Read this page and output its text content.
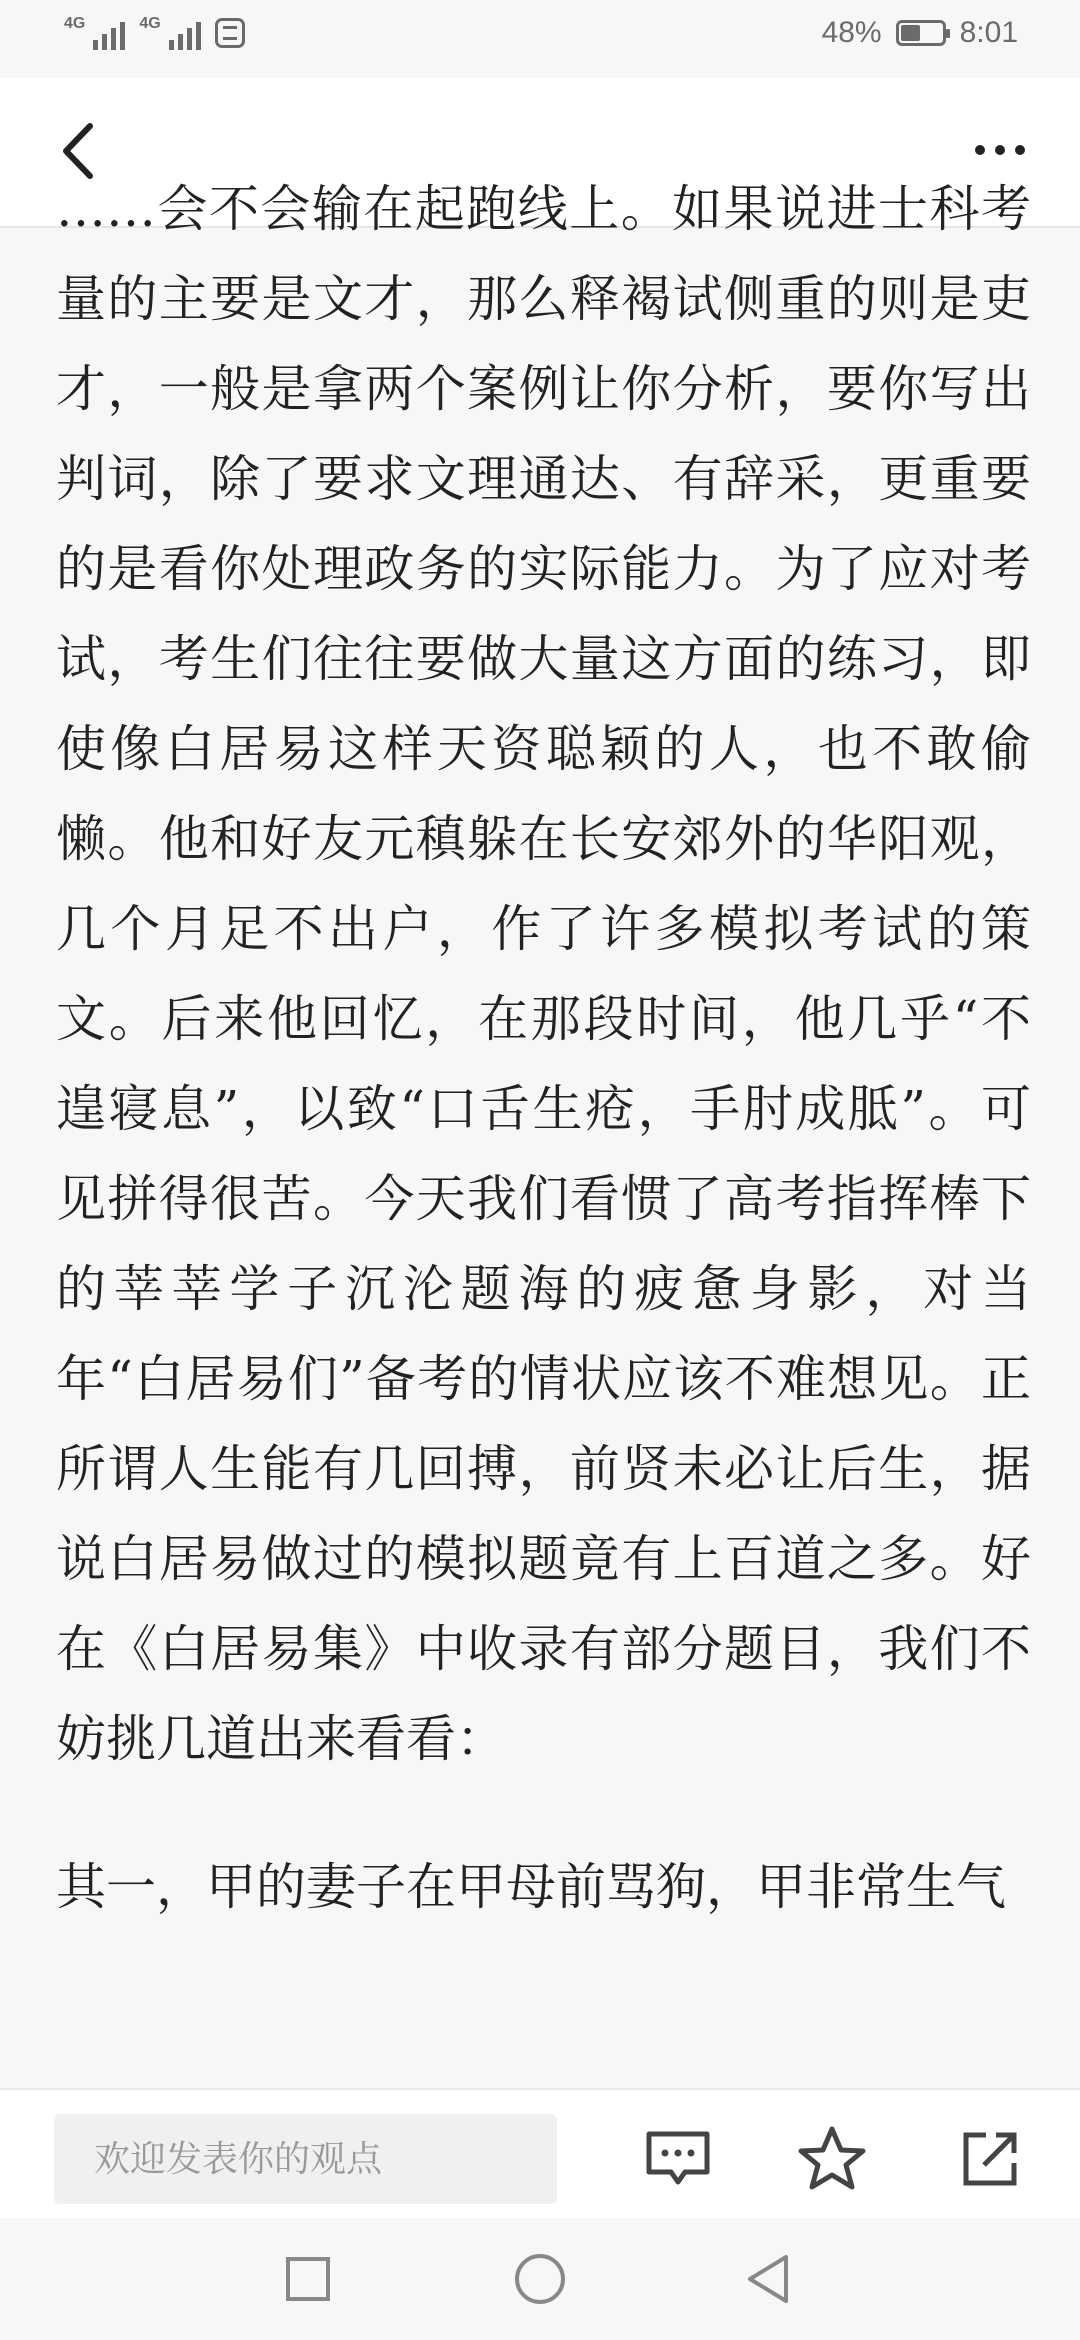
4G	4G	48%	8:01

……会不会输在起跑线上。如果说进士科考量的主要是文才，那么释褐试侧重的则是吏才，一般是拿两个案例让你分析，要你写出判词，除了要求文理通达、有辞采，更重要的是看你处理政务的实际能力。为了应对考试，考生们往往要做大量这方面的练习，即使像白居易这样天资聪颖的人，也不敢偷懒。他和好友元稹躲在长安郊外的华阳观，几个月足不出户，作了许多模拟考试的策文。后来他回忆，在那段时间，他几乎“不遑寝息”，以致“口舌生疮，手肘成胝”。可见拼得很苦。今天我们看惯了高考指挥棒下的莘莘学子沉沦题海的疲惫身影，对当年“白居易们”备考的情状应该不难想见。正所谓人生能有几回搏，前贤未必让后生，据说白居易做过的模拟题竟有上百道之多。好在《白居易集》中收录有部分题目，我们不妨挑几道出来看看：

其一，甲的妻子在甲母前骂狗，甲非常生气

欢迎发表你的观点
